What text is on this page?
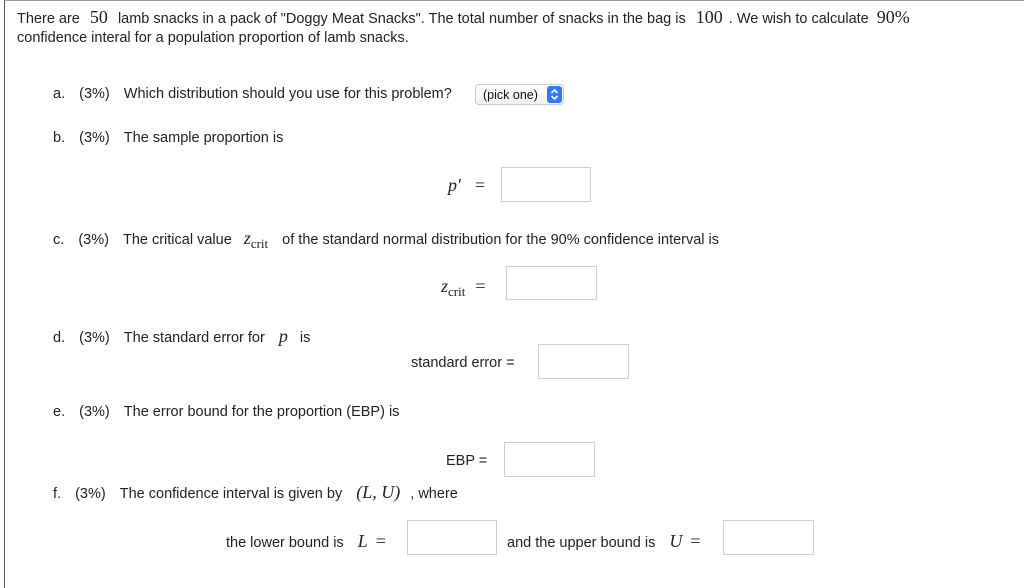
There are 50 lamb snacks in a pack of "Doggy Meat Snacks". The total number of snacks in the bag is 100 . We wish to calculate 90%
confidence interal for a population proportion of lamb snacks.
a. (3%) Which distribution should you use for this problem? (pick one)
b. (3%) The sample proportion is
p′ =
c. (3%) The critical value $z_{crit}$ of the standard normal distribution for the 90% confidence interval is
$z_{crit}$ =
d. (3%) The standard error for p is
standard error =
e. (3%) The error bound for the proportion (EBP) is
EBP =
f. (3%) The confidence interval is given by (L, U) , where
the lower bound is L =	and the upper bound is U =
